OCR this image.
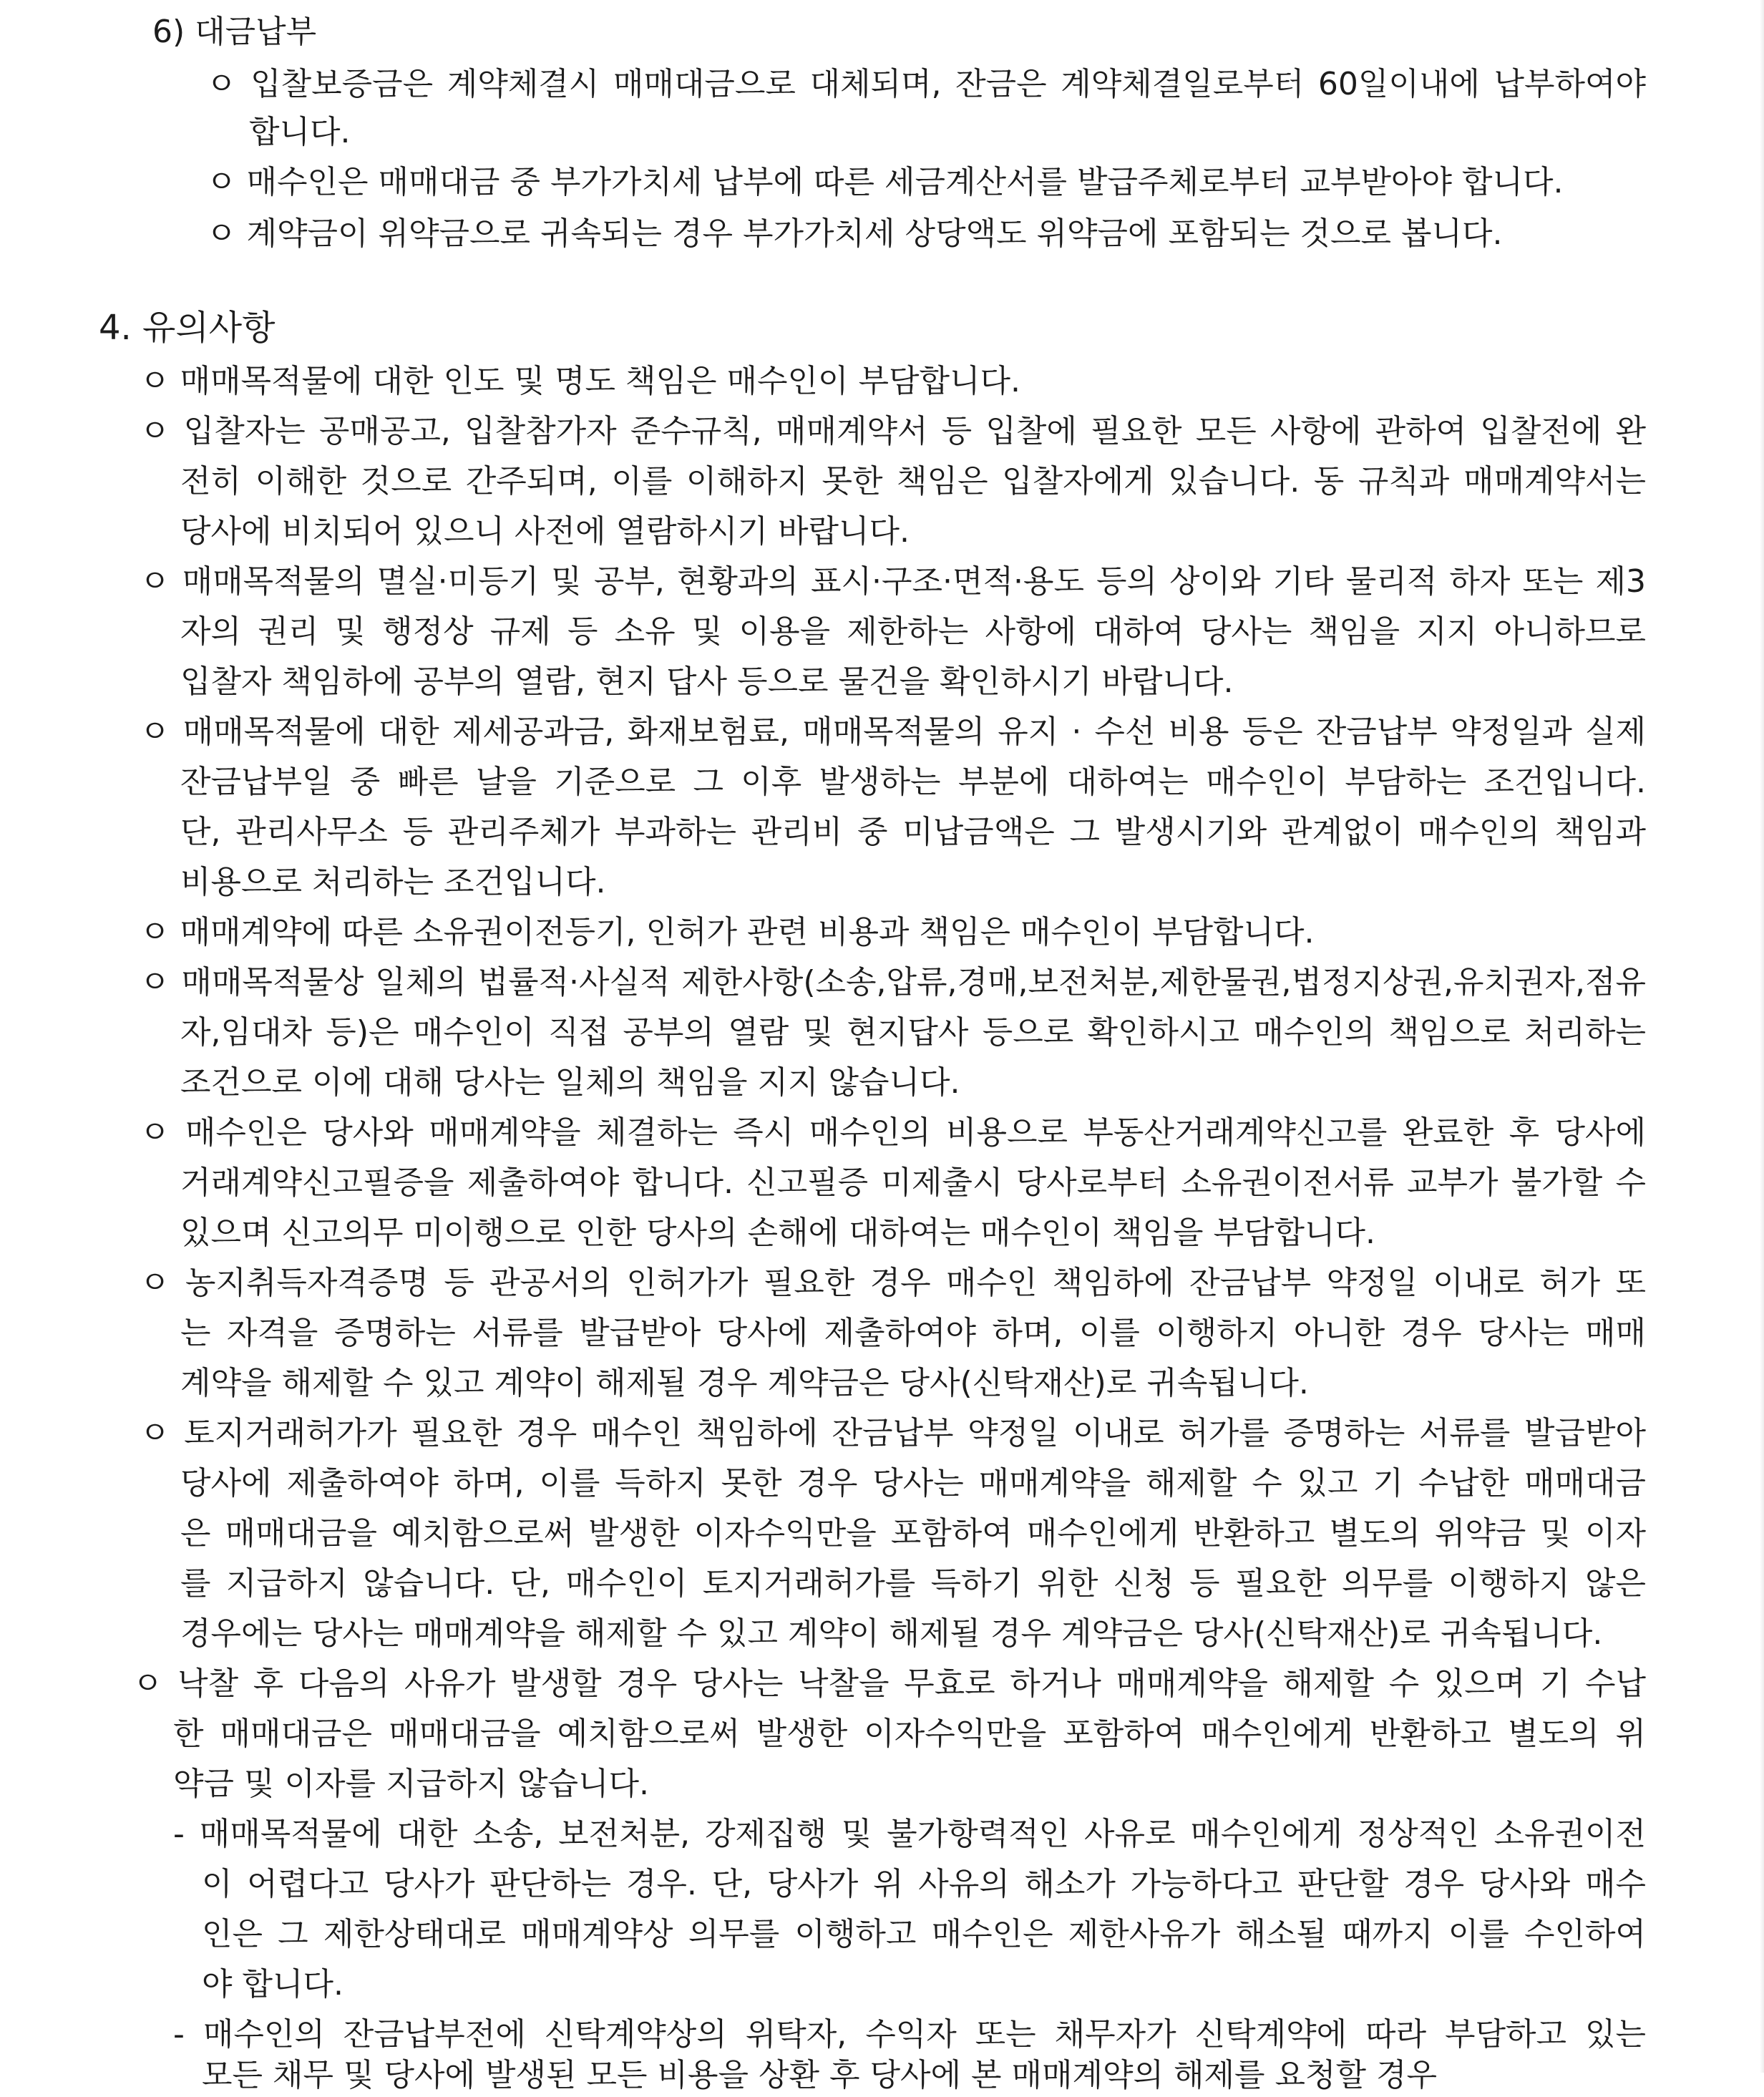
6) 대금납부
ㅇ 입찰보증금은 계약체결시 매매대금으로 대체되며, 잔금은 계약체결일로부터 60일이내에 납부하여야
합니다.
ㅇ 매수인은 매매대금 중 부가가치세 납부에 따른 세금계산서를 발급주체로부터 교부받아야 합니다.
ㅇ 계약금이 위약금으로 귀속되는 경우 부가가치세 상당액도 위약금에 포함되는 것으로 봅니다.
4. 유의사항
ㅇ 매매목적물에 대한 인도 및 명도 책임은 매수인이 부담합니다.
ㅇ 입찰자는 공매공고, 입찰참가자 준수규칙, 매매계약서 등 입찰에 필요한 모든 사항에 관하여 입찰전에 완
전히 이해한 것으로 간주되며, 이를 이해하지 못한 책임은 입찰자에게 있습니다. 동 규칙과 매매계약서는
당사에 비치되어 있으니 사전에 열람하시기 바랍니다.
ㅇ 매매목적물의 멸실·미등기 및 공부, 현황과의 표시·구조·면적·용도 등의 상이와 기타 물리적 하자 또는 제3
자의 권리 및 행정상 규제 등 소유 및 이용을 제한하는 사항에 대하여 당사는 책임을 지지 아니하므로
입찰자 책임하에 공부의 열람, 현지 답사 등으로 물건을 확인하시기 바랍니다.
ㅇ 매매목적물에 대한 제세공과금, 화재보험료, 매매목적물의 유지 · 수선 비용 등은 잔금납부 약정일과 실제
잔금납부일 중 빠른 날을 기준으로 그 이후 발생하는 부분에 대하여는 매수인이 부담하는 조건입니다.
단, 관리사무소 등 관리주체가 부과하는 관리비 중 미납금액은 그 발생시기와 관계없이 매수인의 책임과
비용으로 처리하는 조건입니다.
ㅇ 매매계약에 따른 소유권이전등기, 인허가 관련 비용과 책임은 매수인이 부담합니다.
ㅇ 매매목적물상 일체의 법률적·사실적 제한사항(소송,압류,경매,보전처분,제한물권,법정지상권,유치권자,점유
자,임대차 등)은 매수인이 직접 공부의 열람 및 현지답사 등으로 확인하시고 매수인의 책임으로 처리하는
조건으로 이에 대해 당사는 일체의 책임을 지지 않습니다.
ㅇ 매수인은 당사와 매매계약을 체결하는 즉시 매수인의 비용으로 부동산거래계약신고를 완료한 후 당사에
거래계약신고필증을 제출하여야 합니다. 신고필증 미제출시 당사로부터 소유권이전서류 교부가 불가할 수
있으며 신고의무 미이행으로 인한 당사의 손해에 대하여는 매수인이 책임을 부담합니다.
ㅇ 농지취득자격증명 등 관공서의 인허가가 필요한 경우 매수인 책임하에 잔금납부 약정일 이내로 허가 또
는 자격을 증명하는 서류를 발급받아 당사에 제출하여야 하며, 이를 이행하지 아니한 경우 당사는 매매
계약을 해제할 수 있고 계약이 해제될 경우 계약금은 당사(신탁재산)로 귀속됩니다.
ㅇ 토지거래허가가 필요한 경우 매수인 책임하에 잔금납부 약정일 이내로 허가를 증명하는 서류를 발급받아
당사에 제출하여야 하며, 이를 득하지 못한 경우 당사는 매매계약을 해제할 수 있고 기 수납한 매매대금
은 매매대금을 예치함으로써 발생한 이자수익만을 포함하여 매수인에게 반환하고 별도의 위약금 및 이자
를 지급하지 않습니다. 단, 매수인이 토지거래허가를 득하기 위한 신청 등 필요한 의무를 이행하지 않은
경우에는 당사는 매매계약을 해제할 수 있고 계약이 해제될 경우 계약금은 당사(신탁재산)로 귀속됩니다.
ㅇ 낙찰 후 다음의 사유가 발생할 경우 당사는 낙찰을 무효로 하거나 매매계약을 해제할 수 있으며 기 수납
한 매매대금은 매매대금을 예치함으로써 발생한 이자수익만을 포함하여 매수인에게 반환하고 별도의 위
약금 및 이자를 지급하지 않습니다.
- 매매목적물에 대한 소송, 보전처분, 강제집행 및 불가항력적인 사유로 매수인에게 정상적인 소유권이전
이 어렵다고 당사가 판단하는 경우. 단, 당사가 위 사유의 해소가 가능하다고 판단할 경우 당사와 매수
인은 그 제한상태대로 매매계약상 의무를 이행하고 매수인은 제한사유가 해소될 때까지 이를 수인하여
야 합니다.
- 매수인의 잔금납부전에 신탁계약상의 위탁자, 수익자 또는 채무자가 신탁계약에 따라 부담하고 있는
모든 채무 및 당사에 발생된 모든 비용을 상환 후 당사에 본 매매계약의 해제를 요청할 경우
